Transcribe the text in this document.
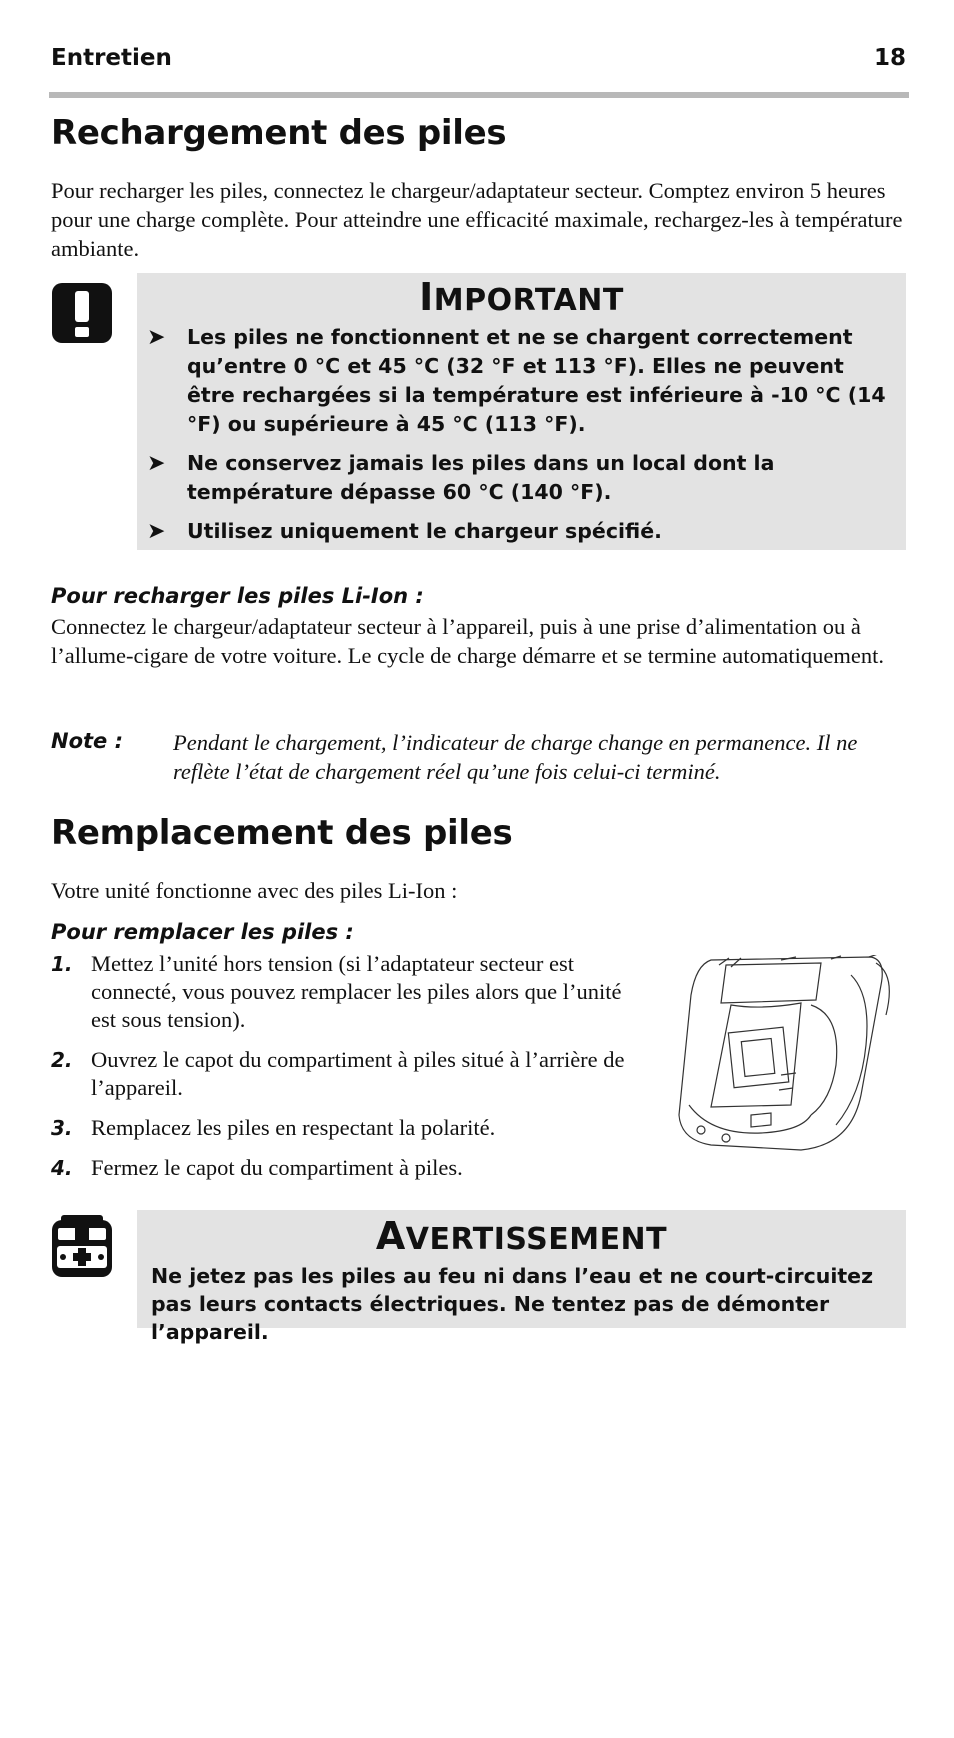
Entretien	18
Rechargement des piles

Pour recharger les piles, connectez le chargeur/adaptateur secteur. Comptez environ 5 heures pour une charge complète. Pour atteindre une efficacité maximale, rechargez-les à température ambiante.

IMPORTANT
➤ Les piles ne fonctionnent et ne se chargent correctement qu’entre 0 °C et 45 °C (32 °F et 113 °F). Elles ne peuvent être rechargées si la température est inférieure à -10 °C (14 °F) ou supérieure à 45 °C (113 °F).
➤ Ne conservez jamais les piles dans un local dont la température dépasse 60 °C (140 °F).
➤ Utilisez uniquement le chargeur spécifié.
Pour recharger les piles Li-Ion :

Connectez le chargeur/adaptateur secteur à l’appareil, puis à une prise d’alimentation ou à l’allume-cigare de votre voiture. Le cycle de charge démarre et se termine automatiquement.

Note : Pendant le chargement, l’indicateur de charge change en permanence. Il ne reflète l’état de chargement réel qu’une fois celui-ci terminé.
Remplacement des piles

Votre unité fonctionne avec des piles Li-Ion :

Pour remplacer les piles :
1. Mettez l’unité hors tension (si l’adaptateur secteur est connecté, vous pouvez remplacer les piles alors que l’unité est sous tension).
2. Ouvrez le capot du compartiment à piles situé à l’arrière de l’appareil.
3. Remplacez les piles en respectant la polarité.
4. Fermez le capot du compartiment à piles.
AVERTISSEMENT
Ne jetez pas les piles au feu ni dans l’eau et ne court-circuitez pas leurs contacts électriques. Ne tentez pas de démonter l’appareil.
